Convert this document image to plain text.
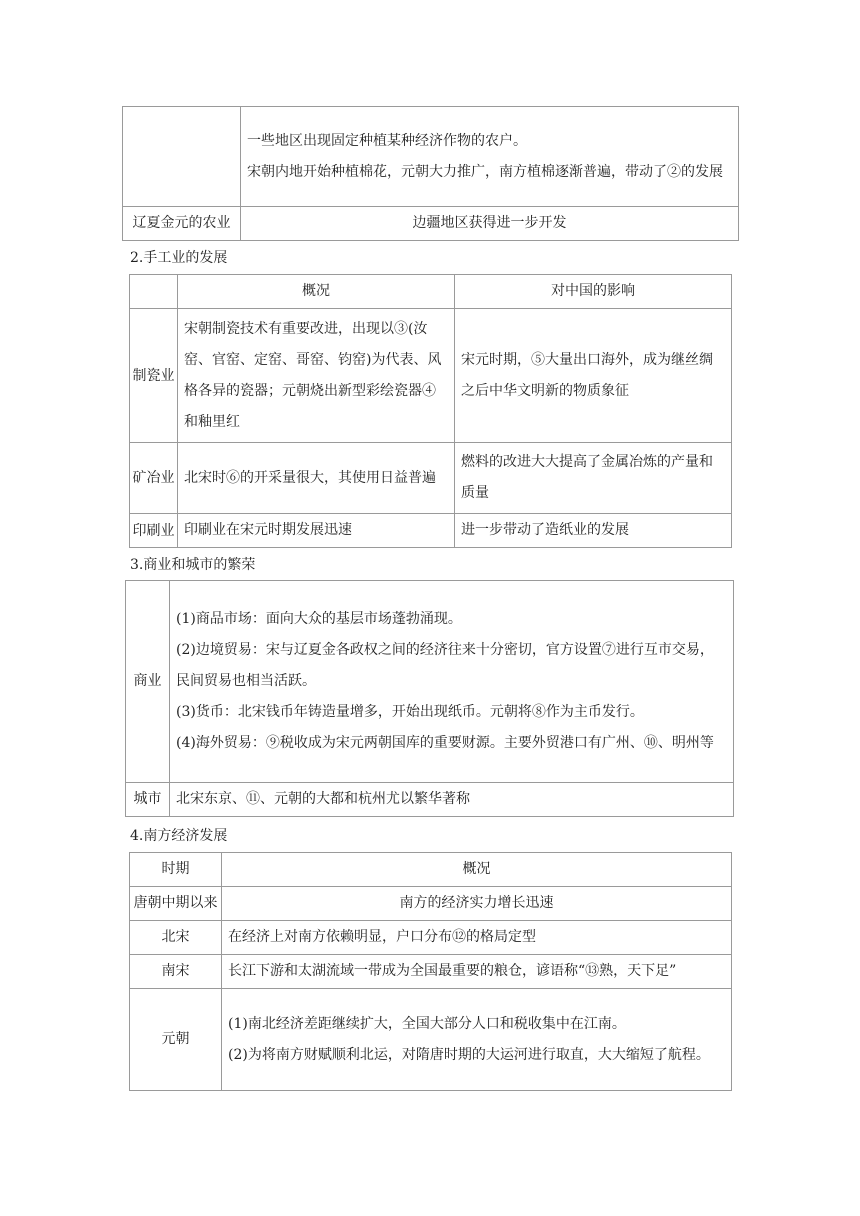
	一些地区出现固定种植某种经济作物的农户。
宋朝内地开始种植棉花，元朝大力推广，南方植棉逐渐普遍，带动了②的发展

辽夏金元的农业	边疆地区获得进一步开发
2.手工业的发展
	概况	对中国的影响
制瓷业	宋朝制瓷技术有重要改进，出现以③(汝窑、官窑、定窑、哥窑、钧窑)为代表、风格各异的瓷器；元朝烧出新型彩绘瓷器④和釉里红	宋元时期，⑤大量出口海外，成为继丝绸之后中华文明新的物质象征
矿冶业	北宋时⑥的开采量很大，其使用日益普遍	燃料的改进大大提高了金属冶炼的产量和质量
印刷业	印刷业在宋元时期发展迅速	进一步带动了造纸业的发展
3.商业和城市的繁荣
商业	(1)商品市场：面向大众的基层市场蓬勃涌现。
(2)边境贸易：宋与辽夏金各政权之间的经济往来十分密切，官方设置⑦进行互市交易，民间贸易也相当活跃。
(3)货币：北宋钱币年铸造量增多，开始出现纸币。元朝将⑧作为主币发行。
(4)海外贸易：⑨税收成为宋元两朝国库的重要财源。主要外贸港口有广州、⑩、明州等

城市	北宋东京、⑪、元朝的大都和杭州尤以繁华著称
4.南方经济发展
时期	概况
唐朝中期以来	南方的经济实力增长迅速
北宋	在经济上对南方依赖明显，户口分布⑫的格局定型
南宋	长江下游和太湖流域一带成为全国最重要的粮仓，谚语称“⑬熟，天下足”
元朝	(1)南北经济差距继续扩大，全国大部分人口和税收集中在江南。
(2)为将南方财赋顺利北运，对隋唐时期的大运河进行取直，大大缩短了航程。
